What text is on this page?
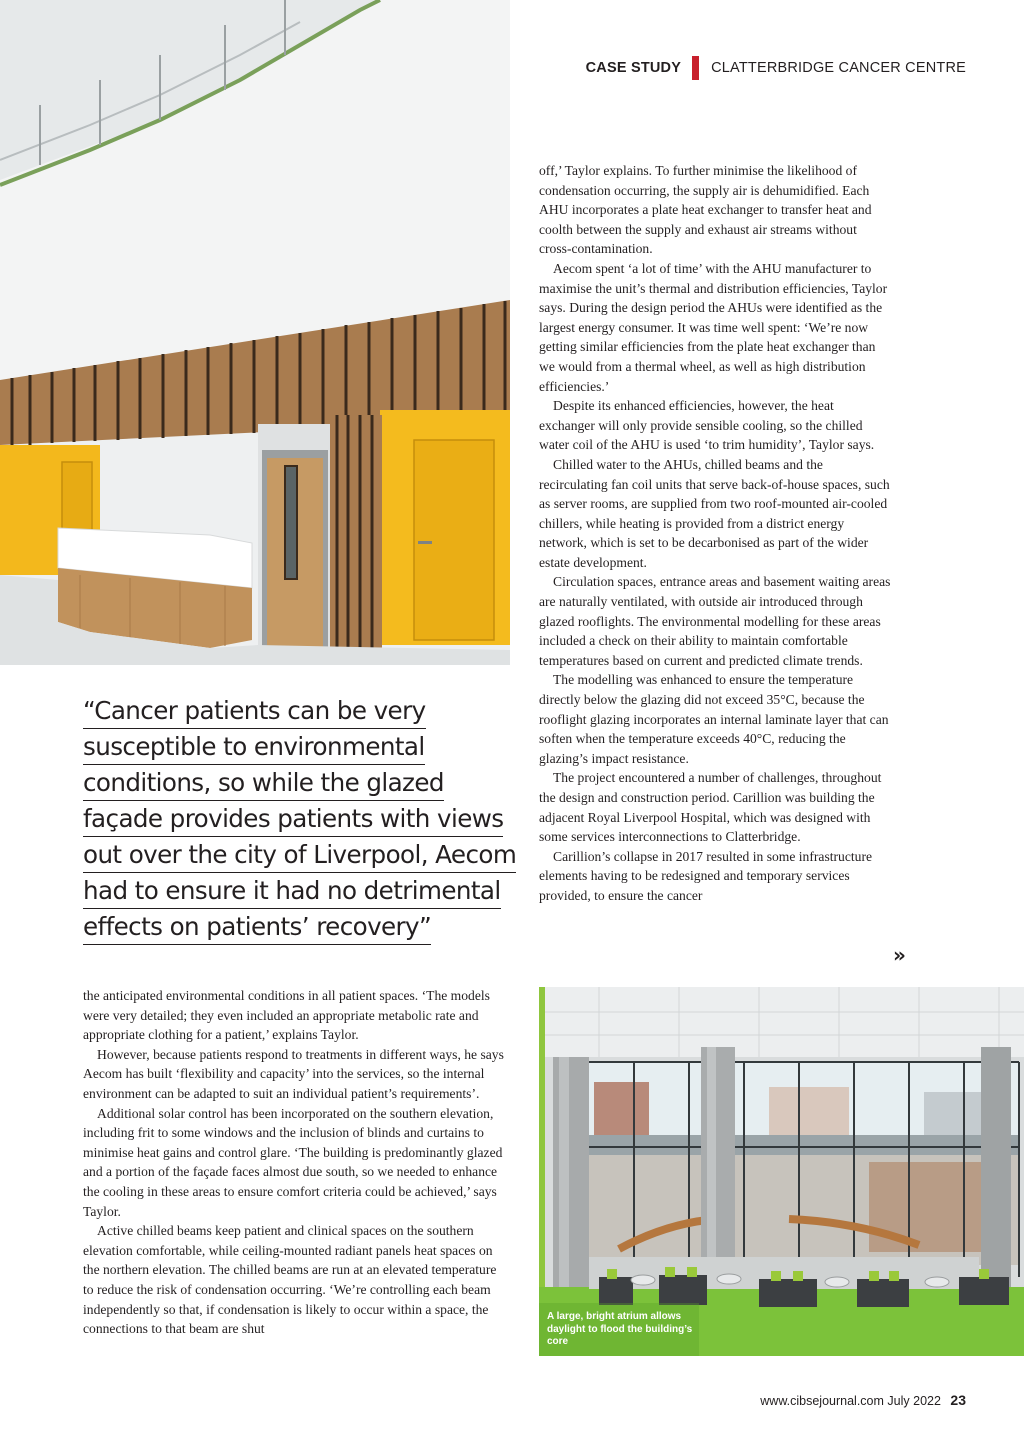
CASE STUDY CLATTERBRIDGE CANCER CENTRE
“Cancer patients can be very
susceptible to environmental
conditions, so while the glazed
façade provides patients with views
out over the city of Liverpool, Aecom
had to ensure it had no detrimental
effects on patients’ recovery”

off,’ Taylor explains. To further minimise the likelihood of condensation occurring, the supply air is dehumidified. Each AHU incorporates a plate heat exchanger to transfer heat and coolth between the supply and exhaust air streams without cross-contamination.

Aecom spent ‘a lot of time’ with the AHU manufacturer to maximise the unit’s thermal and distribution efficiencies, Taylor says. During the design period the AHUs were identified as the largest energy consumer. It was time well spent: ‘We’re now getting similar efficiencies from the plate heat exchanger than we would from a thermal wheel, as well as high distribution efficiencies.’

Despite its enhanced efficiencies, however, the heat exchanger will only provide sensible cooling, so the chilled water coil of the AHU is used ‘to trim humidity’, Taylor says.

Chilled water to the AHUs, chilled beams and the recirculating fan coil units that serve back-of-house spaces, such as server rooms, are supplied from two roof-mounted air-cooled chillers, while heating is provided from a district energy network, which is set to be decarbonised as part of the wider estate development.

Circulation spaces, entrance areas and basement waiting areas are naturally ventilated, with outside air introduced through glazed rooflights. The environmental modelling for these areas included a check on their ability to maintain comfortable temperatures based on current and predicted climate trends.

The modelling was enhanced to ensure the temperature directly below the glazing did not exceed 35°C, because the rooflight glazing incorporates an internal laminate layer that can soften when the temperature exceeds 40°C, reducing the glazing’s impact resistance.

The project encountered a number of challenges, throughout the design and construction period. Carillion was building the adjacent Royal Liverpool Hospital, which was designed with some services interconnections to Clatterbridge.

Carillion’s collapse in 2017 resulted in some infrastructure elements having to be redesigned and temporary services provided, to ensure the cancer

»

the anticipated environmental conditions in all patient spaces. ‘The models were very detailed; they even included an appropriate metabolic rate and appropriate clothing for a patient,’ explains Taylor.

However, because patients respond to treatments in different ways, he says Aecom has built ‘flexibility and capacity’ into the services, so the internal environment can be adapted to suit an individual patient’s requirements’.

Additional solar control has been incorporated on the southern elevation, including frit to some windows and the inclusion of blinds and curtains to minimise heat gains and control glare. ‘The building is predominantly glazed and a portion of the façade faces almost due south, so we needed to enhance the cooling in these areas to ensure comfort criteria could be achieved,’ says Taylor.

Active chilled beams keep patient and clinical spaces on the southern elevation comfortable, while ceiling-mounted radiant panels heat spaces on the northern elevation. The chilled beams are run at an elevated temperature to reduce the risk of condensation occurring. ‘We’re controlling each beam independently so that, if condensation is likely to occur within a space, the connections to that beam are shut

A large, bright atrium allows daylight to flood the building’s core
www.cibsejournal.com July 2022 23
